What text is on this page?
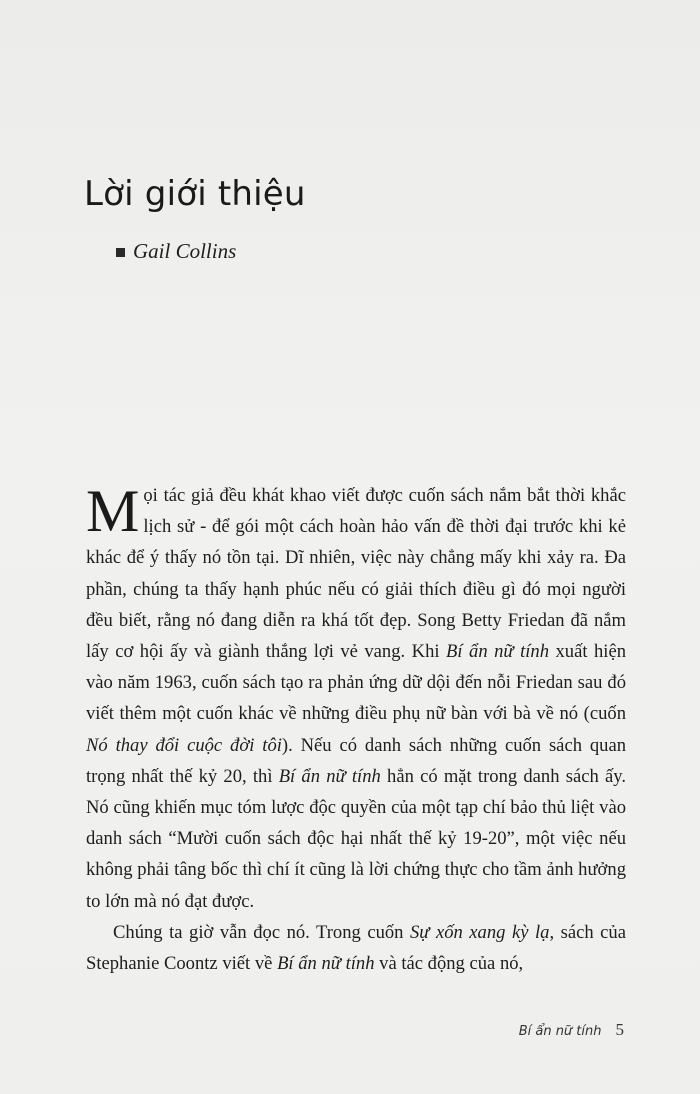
Lời giới thiệu
Gail Collins

M ọi tác giả đều khát khao viết được cuốn sách nắm bắt thời khắc lịch sử - để gói một cách hoàn hảo vấn đề thời đại trước khi kẻ khác để ý thấy nó tồn tại. Dĩ nhiên, việc này chẳng mấy khi xảy ra. Đa phần, chúng ta thấy hạnh phúc nếu có giải thích điều gì đó mọi người đều biết, rằng nó đang diễn ra khá tốt đẹp. Song Betty Friedan đã nắm lấy cơ hội ấy và giành thắng lợi vẻ vang. Khi Bí ẩn nữ tính xuất hiện vào năm 1963, cuốn sách tạo ra phản ứng dữ dội đến nỗi Friedan sau đó viết thêm một cuốn khác về những điều phụ nữ bàn với bà về nó (cuốn Nó thay đổi cuộc đời tôi). Nếu có danh sách những cuốn sách quan trọng nhất thế kỷ 20, thì Bí ẩn nữ tính hẳn có mặt trong danh sách ấy. Nó cũng khiến mục tóm lược độc quyền của một tạp chí bảo thủ liệt vào danh sách “Mười cuốn sách độc hại nhất thế kỷ 19-20”, một việc nếu không phải tâng bốc thì chí ít cũng là lời chứng thực cho tầm ảnh hưởng to lớn mà nó đạt được.

Chúng ta giờ vẫn đọc nó. Trong cuốn Sự xốn xang kỳ lạ, sách của Stephanie Coontz viết về Bí ẩn nữ tính và tác động của nó,

Bí ẩn nữ tính 5
